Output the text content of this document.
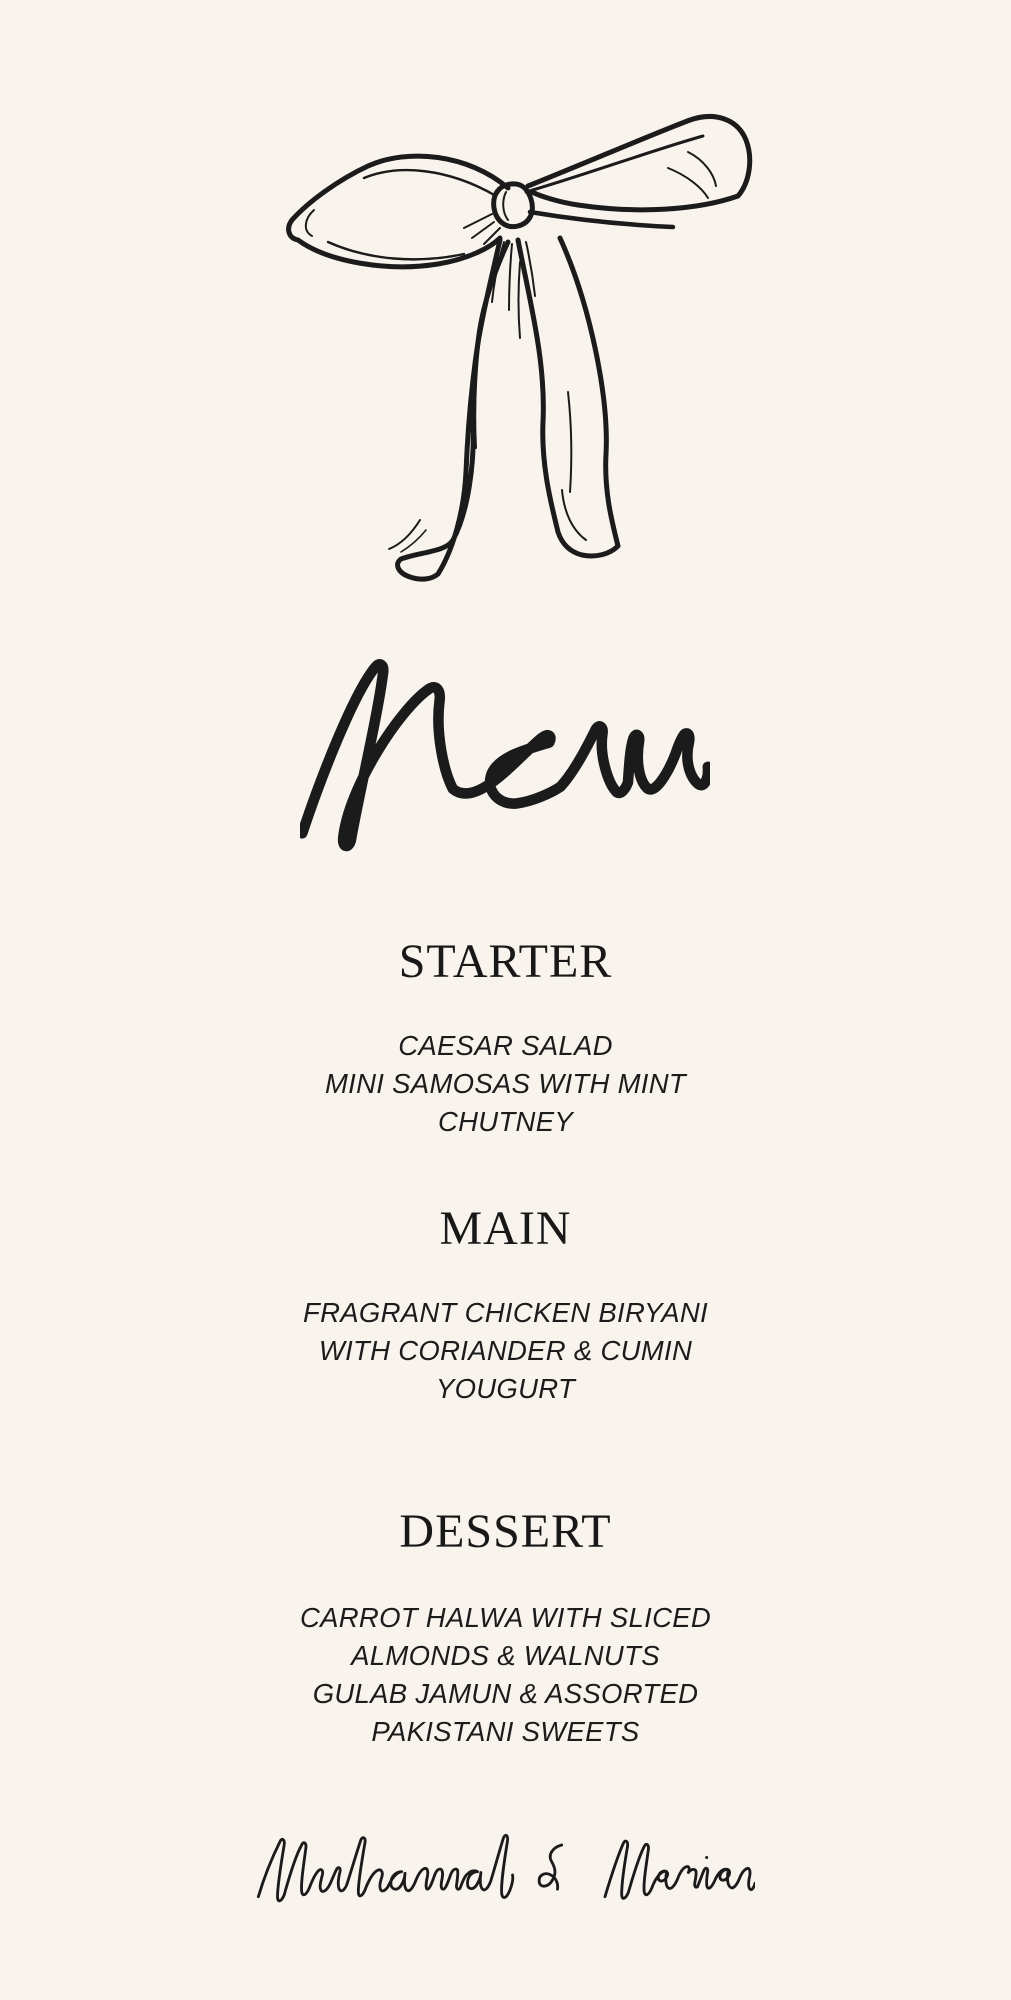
STARTER
CAESAR SALAD
MINI SAMOSAS WITH MINT
CHUTNEY
MAIN
FRAGRANT CHICKEN BIRYANI
WITH CORIANDER & CUMIN
YOUGURT
DESSERT
CARROT HALWA WITH SLICED
ALMONDS & WALNUTS
GULAB JAMUN & ASSORTED
PAKISTANI SWEETS
